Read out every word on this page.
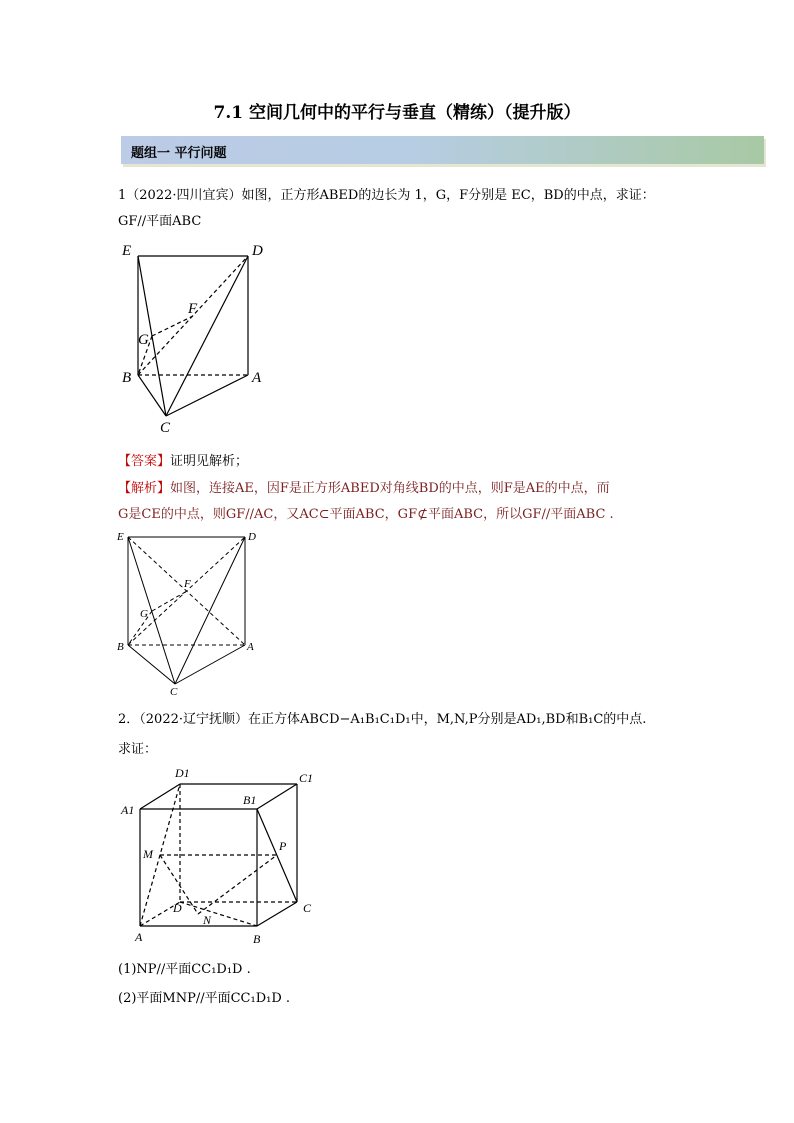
7.1 空间几何中的平行与垂直（精练）（提升版）
题组一 平行问题
1（2022·四川宜宾）如图，正方形ABED的边长为 1，G，F分别是 EC，BD的中点，求证：
GF//平面ABC
E	D
F
G
B	A
C
【答案】证明见解析；
【解析】如图，连接AE，因F是正方形ABED对角线BD的中点，则F是AE的中点，而
G是CE的中点，则GF//AC，又AC⊂平面ABC，GF⊄平面ABC，所以GF//平面ABC .
E	D
F
G
B	A
C
2．（2022·辽宁抚顺）在正方体ABCD−A₁B₁C₁D₁中，M,N,P分别是AD₁,BD和B₁C的中点.
求证：
D1	C1
A1
B1
M
P
D
N
C
A	B
(1)NP//平面CC₁D₁D .
(2)平面MNP//平面CC₁D₁D .
